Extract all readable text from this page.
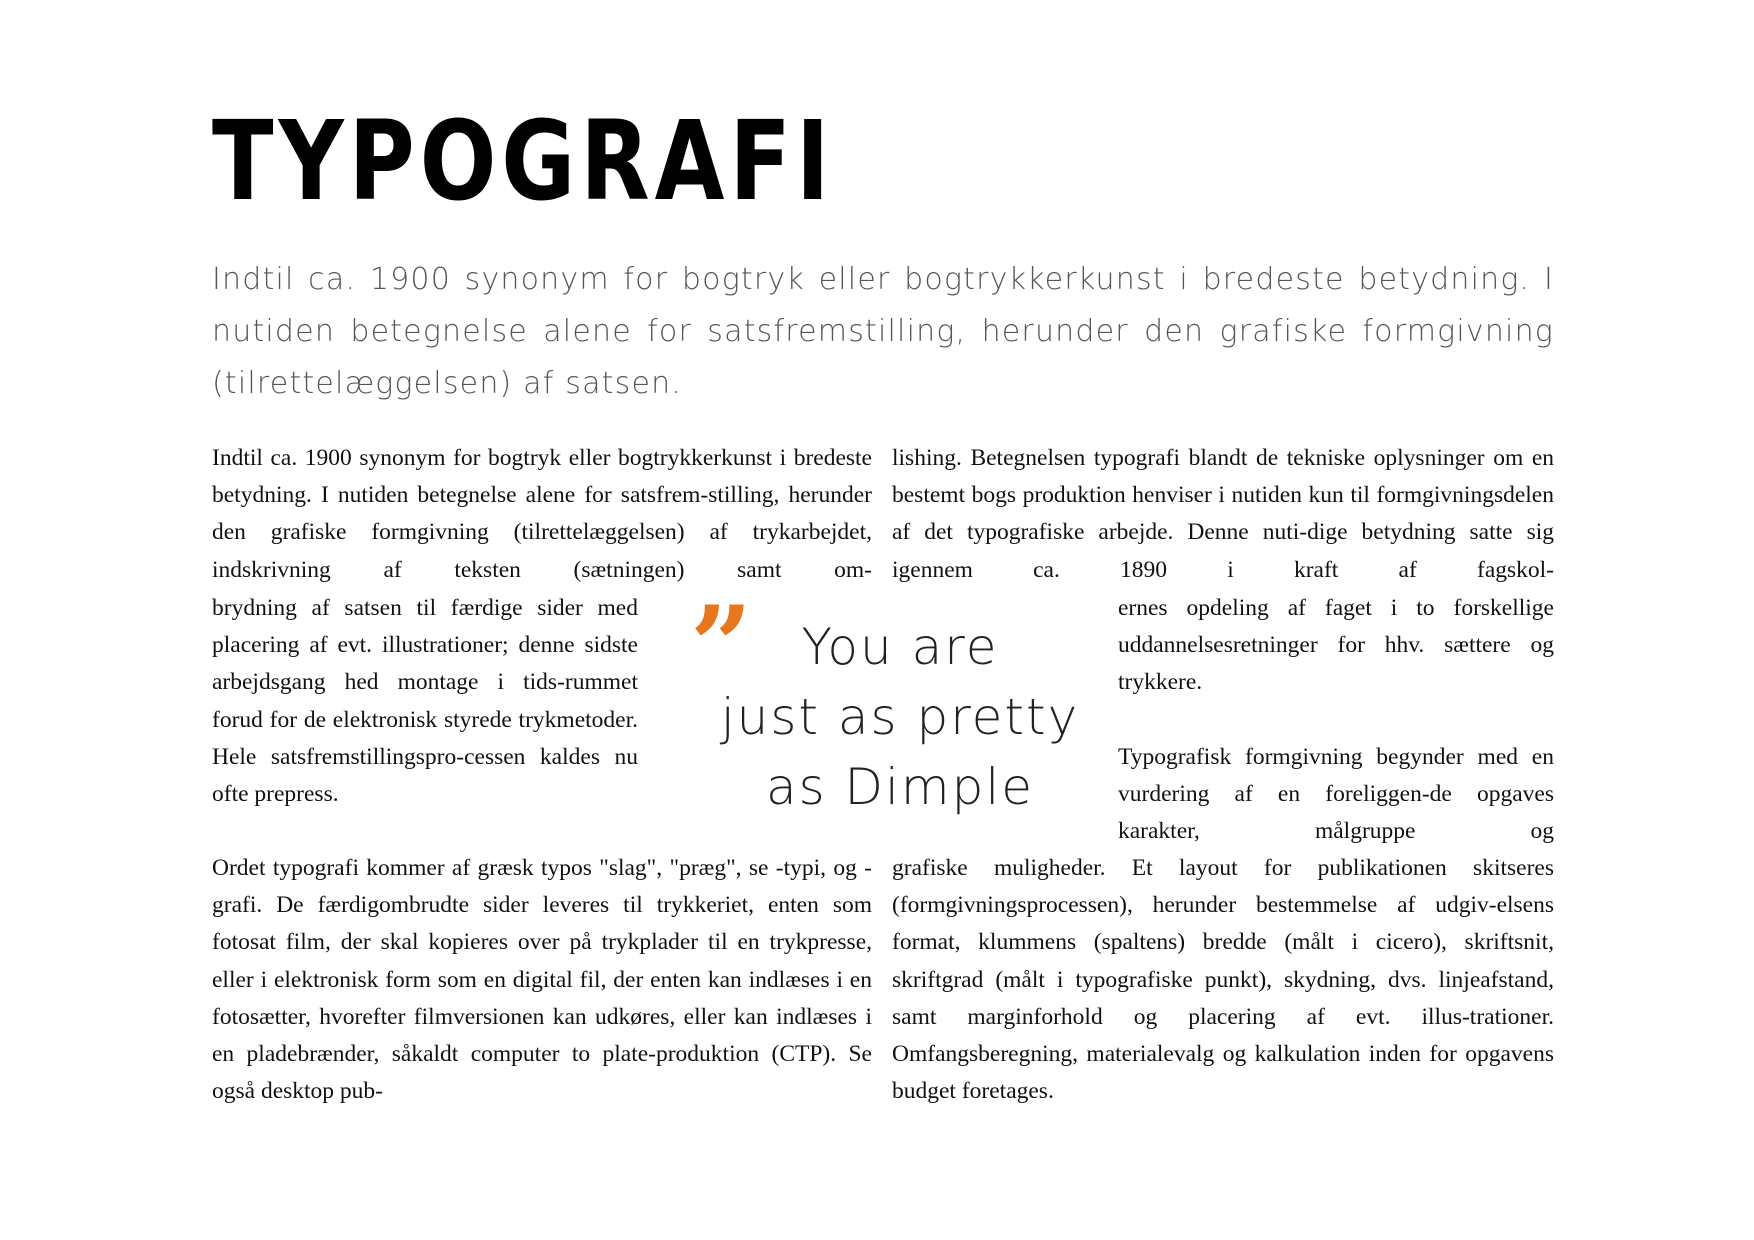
TYPOGRAFI

Indtil ca. 1900 synonym for bogtryk eller bogtrykkerkunst i bredeste betydning. I nutiden betegnelse alene for satsfremstilling, herunder den grafiske formgivning (tilrettelæggelsen) af satsen.

Indtil ca. 1900 synonym for bogtryk eller bogtrykkerkunst i bredeste betydning. I nutiden betegnelse alene for satsfrem-stilling, herunder den grafiske formgivning (tilrettelæggelsen) af trykarbejdet, indskrivning af teksten (sætningen) samt om-

brydning af satsen til færdige sider med placering af evt. illustrationer; denne sidste arbejdsgang hed montage i tids-rummet forud for de elektronisk styrede trykmetoder. Hele satsfremstillingspro-cessen kaldes nu ofte prepress.

Ordet typografi kommer af græsk typos "slag", "præg", se -typi, og -grafi. De færdigombrudte sider leveres til trykkeriet, enten som fotosat film, der skal kopieres over på trykplader til en trykpresse, eller i elektronisk form som en digital fil, der enten kan indlæses i en fotosætter, hvorefter filmversionen kan udkøres, eller kan indlæses i en pladebrænder, såkaldt computer to plate-produktion (CTP). Se også desktop pub-

lishing. Betegnelsen typografi blandt de tekniske oplysninger om en bestemt bogs produktion henviser i nutiden kun til formgivningsdelen af det typografiske arbejde. Denne nuti-dige betydning satte sig igennem ca. 1890 i kraft af fagskol-

ernes opdeling af faget i to forskellige uddannelsesretninger for hhv. sættere og trykkere.

Typografisk formgivning begynder med en vurdering af en foreliggen-de opgaves karakter, målgruppe og

grafiske muligheder. Et layout for publikationen skitseres (formgivningsprocessen), herunder bestemmelse af udgiv-elsens format, klummens (spaltens) bredde (målt i cicero), skriftsnit, skriftgrad (målt i typografiske punkt), skydning, dvs. linjeafstand, samt marginforhold og placering af evt. illus-trationer. Omfangsberegning, materialevalg og kalkulation inden for opgavens budget foretages.

” You are
just as pretty
as Dimple
